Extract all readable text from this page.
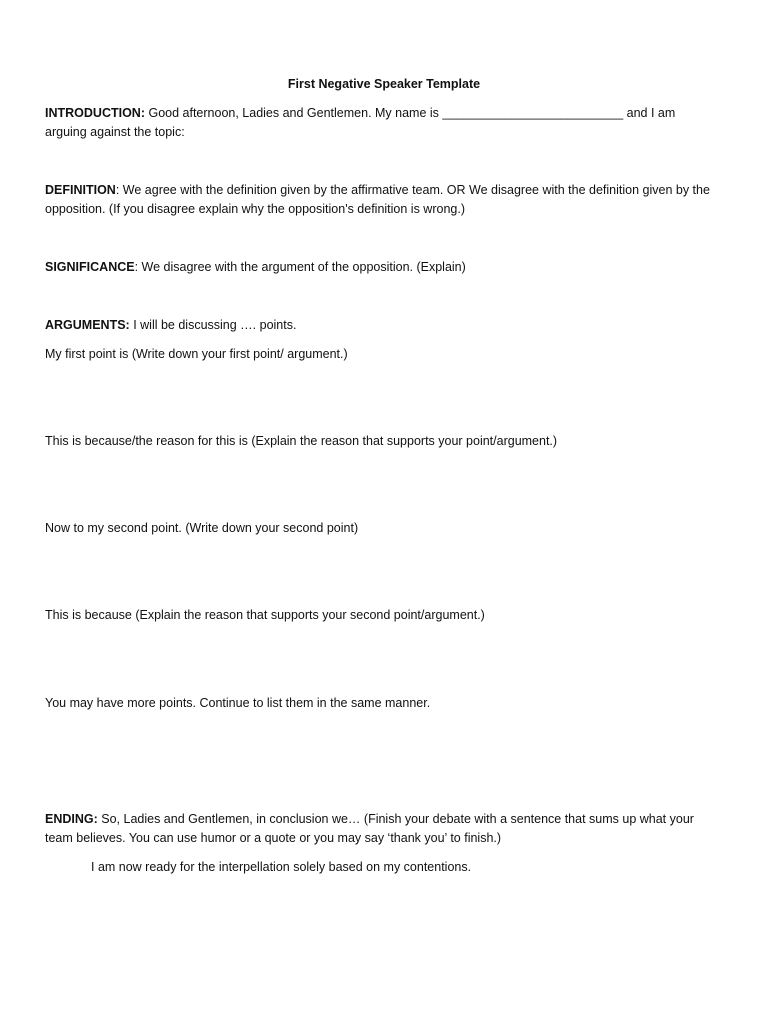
First Negative Speaker Template

INTRODUCTION: Good afternoon, Ladies and Gentlemen. My name is __________________________ and I am arguing against the topic:

DEFINITION: We agree with the definition given by the affirmative team. OR We disagree with the definition given by the opposition. (If you disagree explain why the opposition's definition is wrong.)

SIGNIFICANCE: We disagree with the argument of the opposition. (Explain)

ARGUMENTS: I will be discussing …. points.

My first point is (Write down your first point/ argument.)

This is because/the reason for this is (Explain the reason that supports your point/argument.)

Now to my second point. (Write down your second point)

This is because (Explain the reason that supports your second point/argument.)

You may have more points. Continue to list them in the same manner.

ENDING: So, Ladies and Gentlemen, in conclusion we… (Finish your debate with a sentence that sums up what your team believes. You can use humor or a quote or you may say ‘thank you’ to finish.)

I am now ready for the interpellation solely based on my contentions.
